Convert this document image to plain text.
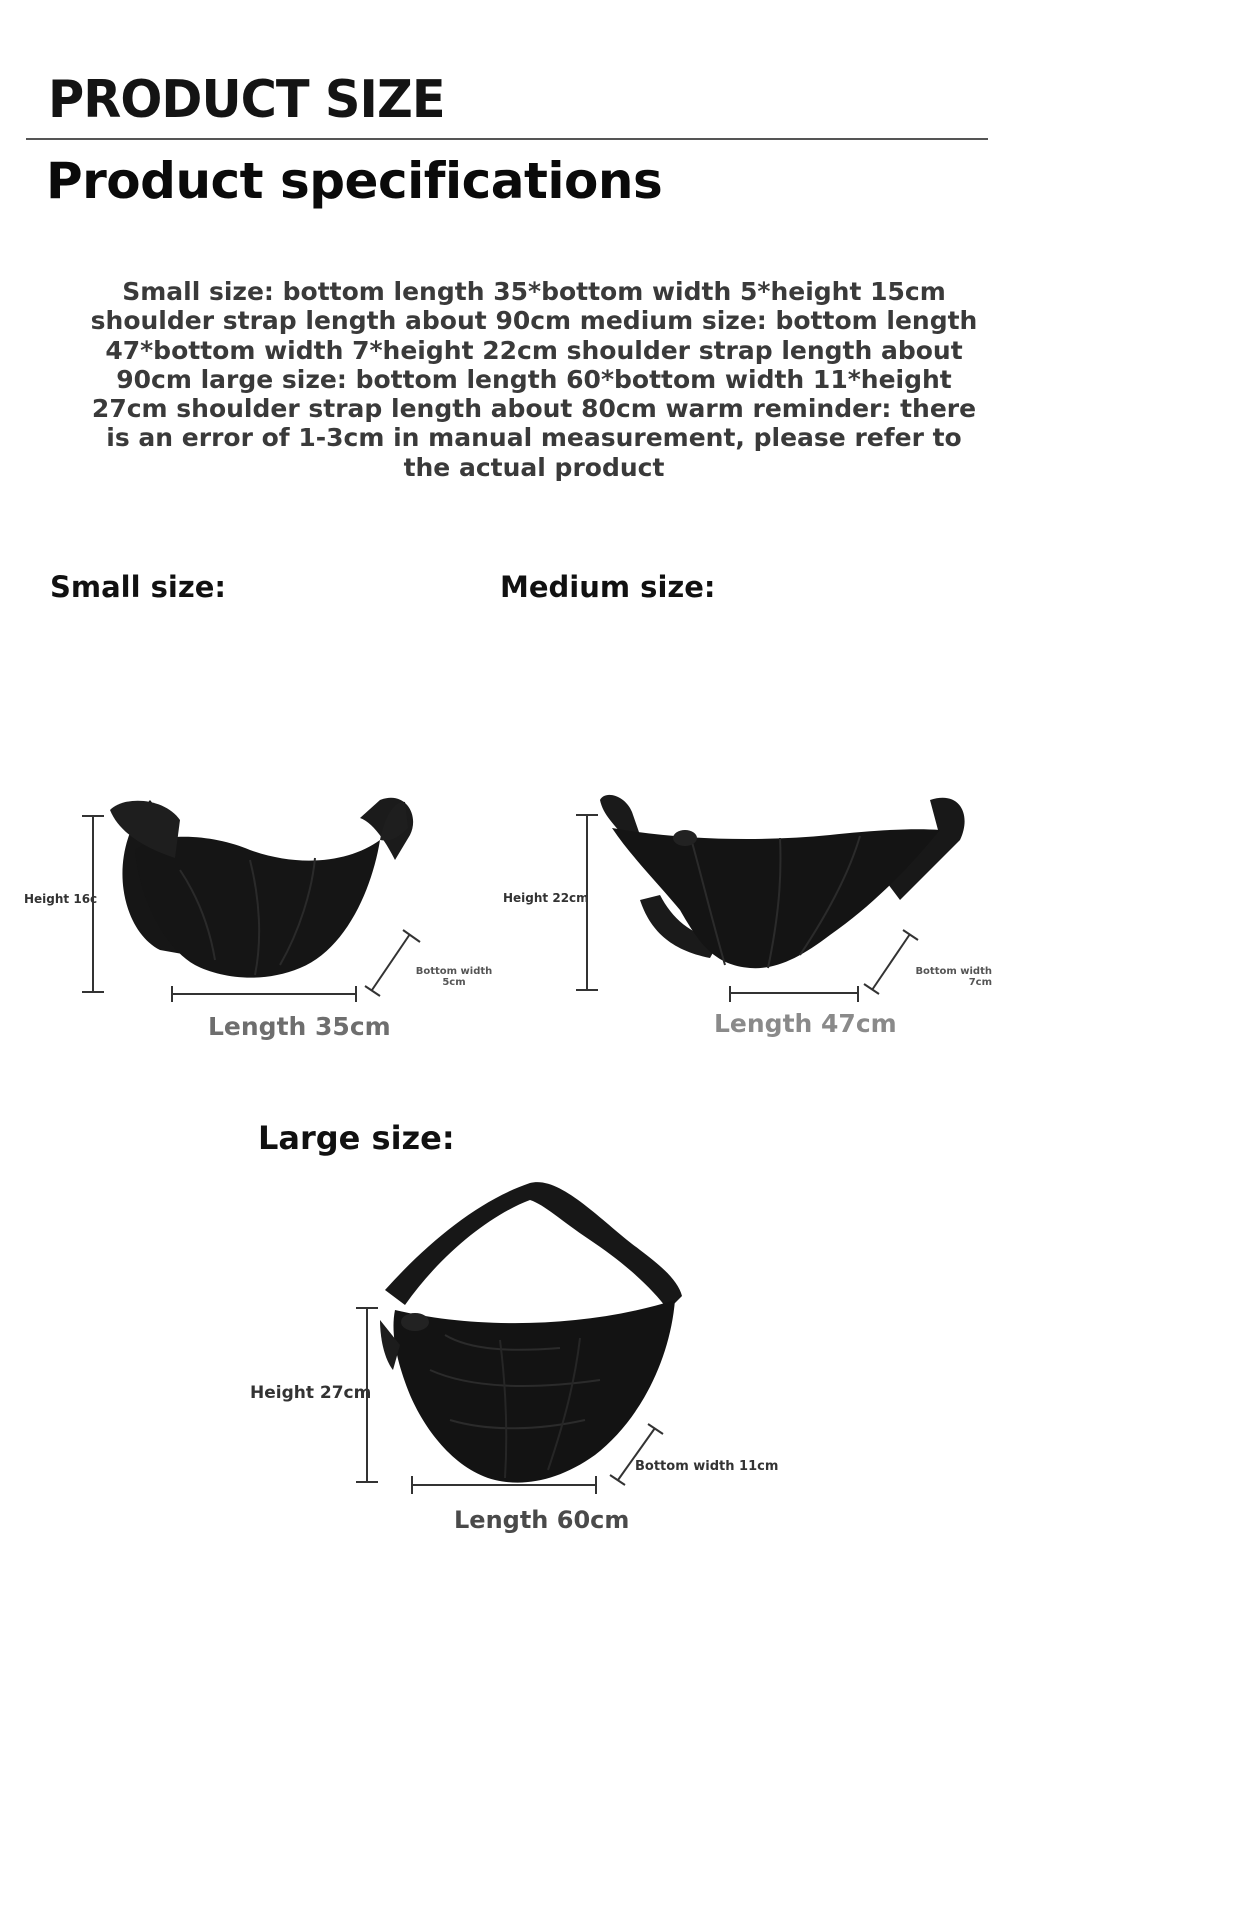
PRODUCT SIZE
Product specifications
Small size: bottom length 35*bottom width 5*height 15cm shoulder strap length about 90cm medium size: bottom length 47*bottom width 7*height 22cm shoulder strap length about 90cm large size: bottom length 60*bottom width 11*height 27cm shoulder strap length about 80cm warm reminder: there is an error of 1-3cm in manual measurement, please refer to the actual product
Small size:
Height 16c
Bottom width
5cm
Length 35cm
Medium size:
Height 22cm
Bottom width
7cm
Length 47cm
Large size:
Height 27cm
Bottom width 11cm
Length 60cm
